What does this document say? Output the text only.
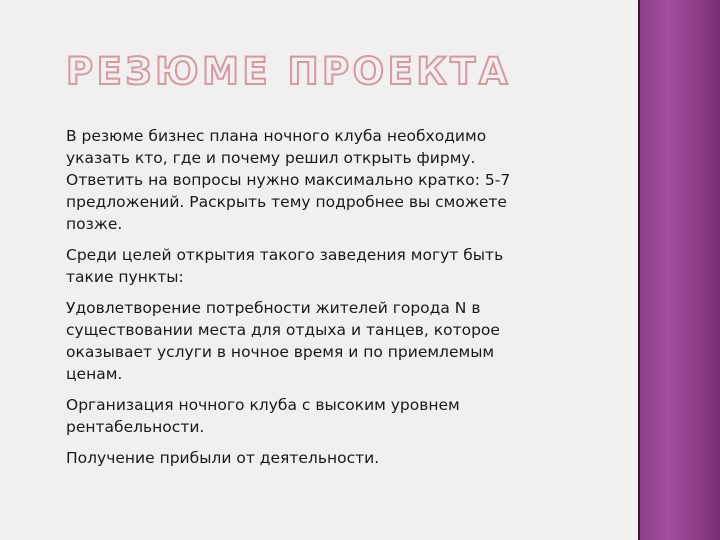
РЕЗЮМЕ ПРОЕКТА

В резюме бизнес плана ночного клуба необходимо указать кто, где и почему решил открыть фирму. Ответить на вопросы нужно максимально кратко: 5-7 предложений. Раскрыть тему подробнее вы сможете позже.

Среди целей открытия такого заведения могут быть такие пункты:

Удовлетворение потребности жителей города N в существовании места для отдыха и танцев, которое оказывает услуги в ночное время и по приемлемым ценам.

Организация ночного клуба с высоким уровнем рентабельности.

Получение прибыли от деятельности.
